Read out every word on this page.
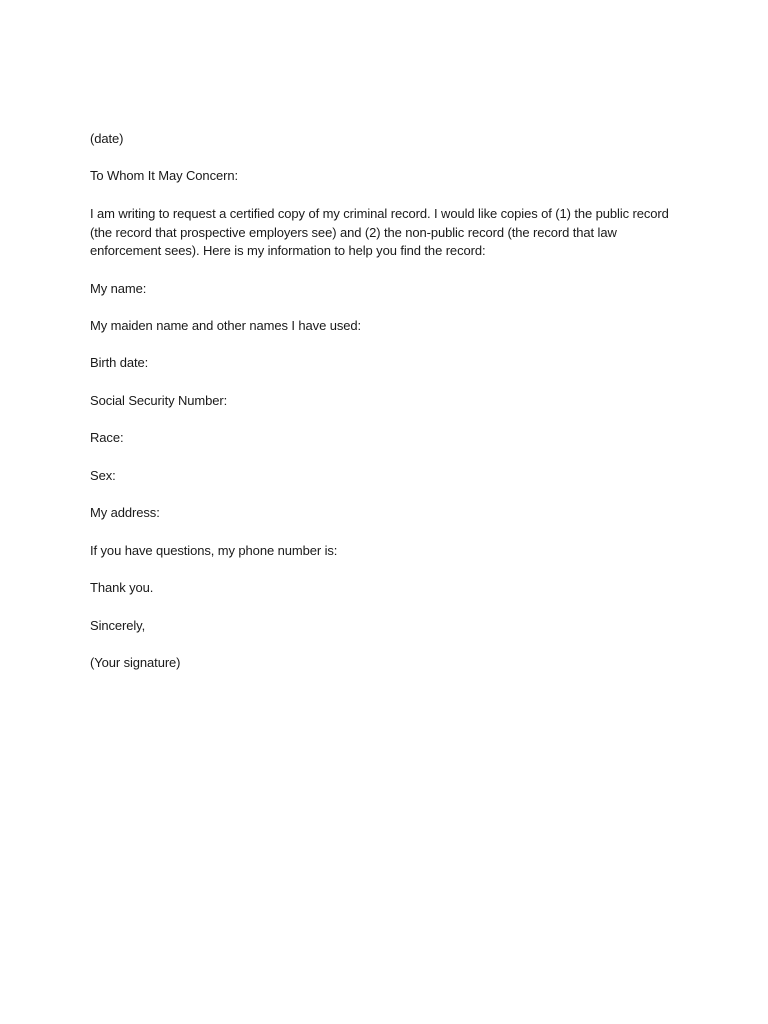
(date)

To Whom It May Concern:

I am writing to request a certified copy of my criminal record. I would like copies of (1) the public record
(the record that prospective employers see) and (2) the non-public record (the record that law
enforcement sees). Here is my information to help you find the record:

My name:

My maiden name and other names I have used:

Birth date:

Social Security Number:

Race:

Sex:

My address:

If you have questions, my phone number is:

Thank you.

Sincerely,

(Your signature)
